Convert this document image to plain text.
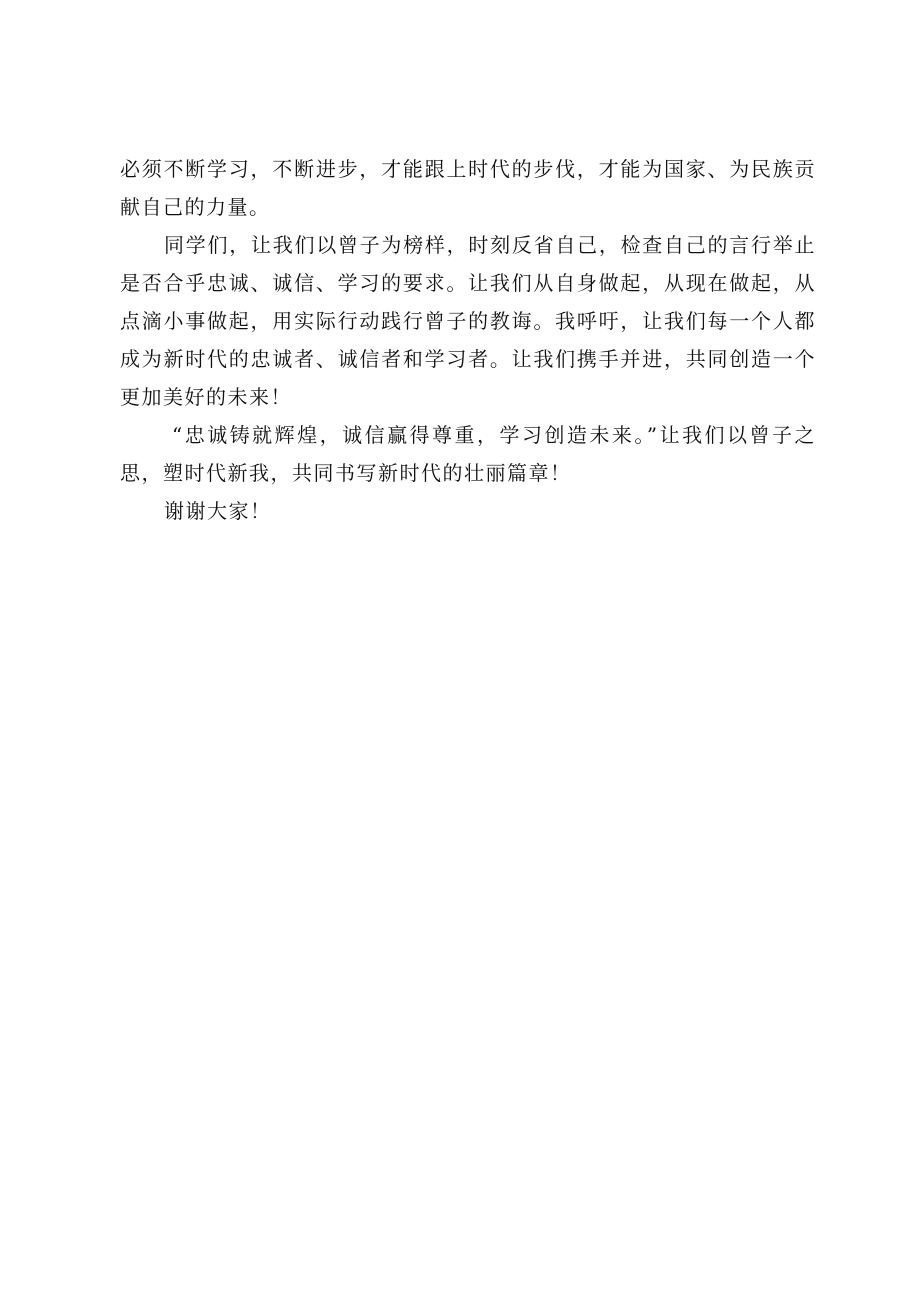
必须不断学习，不断进步，才能跟上时代的步伐，才能为国家、为民族贡
献自己的力量。
同学们，让我们以曾子为榜样，时刻反省自己，检查自己的言行举止
是否合乎忠诚、诚信、学习的要求。让我们从自身做起，从现在做起，从
点滴小事做起，用实际行动践行曾子的教诲。我呼吁，让我们每一个人都
成为新时代的忠诚者、诚信者和学习者。让我们携手并进，共同创造一个
更加美好的未来！
“忠诚铸就辉煌，诚信赢得尊重，学习创造未来。”让我们以曾子之
思，塑时代新我，共同书写新时代的壮丽篇章！
谢谢大家！
